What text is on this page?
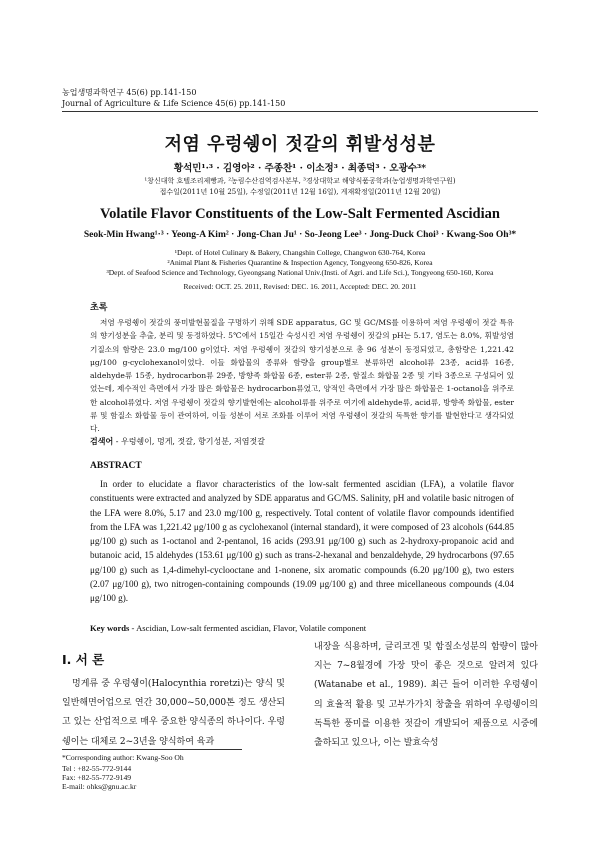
농업생명과학연구 45(6) pp.141-150
Journal of Agriculture & Life Science 45(6) pp.141-150
저염 우렁쉥이 젓갈의 휘발성성분
황석민¹·³ · 김영아² · 주종찬¹ · 이소정³ · 최종덕³ · 오광수³*
¹창신대학 호텔조리제빵과, ²농림수산검역검사본부, ³경상대학교 해양식품공학과(농업생명과학연구원)
접수일(2011년 10월 25일), 수정일(2011년 12월 16일), 게재확정일(2011년 12월 20일)
Volatile Flavor Constituents of the Low-Salt Fermented Ascidian
Seok-Min Hwang¹·³ · Yeong-A Kim² · Jong-Chan Ju¹ · So-Jeong Lee³ · Jong-Duck Choi³ · Kwang-Soo Oh³*
¹Dept. of Hotel Culinary & Bakery, Changshin College, Changwon 630-764, Korea
²Animal Plant & Fisheries Quarantine & Inspection Agency, Tongyeong 650-826, Korea
³Dept. of Seafood Science and Technology, Gyeongsang National Univ.(Insti. of Agri. and Life Sci.), Tongyeong 650-160, Korea
Received: OCT. 25. 2011, Revised: DEC. 16. 2011, Accepted: DEC. 20. 2011
초록
저염 우렁쉥이 젓갈의 풍미발현물질을 구명하기 위해 SDE apparatus, GC 및 GC/MS를 이용하여 저염 우렁쉥이 젓갈 특유의 향기성분을 추출, 분리 및 동정하였다. 5℃에서 15일간 숙성시킨 저염 우렁쉥이 젓갈의 pH는 5.17, 염도는 8.0%, 휘발성염기질소의 함량은 23.0 mg/100 g이었다. 저염 우렁쉥이 젓갈의 향기성분으로 총 96 성분이 동정되었고, 총함량은 1,221.42 μg/100 g-cyclohexanol이었다. 이들 화합물의 종류와 함량을 group별로 분류하면 alcohol류 23종, acid류 16종, aldehyde류 15종, hydrocarbon류 29종, 방향족 화합물 6종, ester류 2종, 함질소 화합물 2종 및 기타 3종으로 구성되어 있었는데, 제수적인 측면에서 가장 많은 화합물은 hydrocarbon류였고, 양적인 측면에서 가장 많은 화합물은 1-octanol을 위주로 한 alcohol류였다. 저염 우렁쉥이 젓갈의 향기발현에는 alcohol류를 위주로 여기에 aldehyde류, acid류, 방향족 화합물, ester류 및 함질소 화합물 등이 관여하여, 이들 성분이 서로 조화를 이루어 저염 우렁쉥이 젓갈의 독특한 향기를 발현한다고 생각되었다.
검색어 - 우렁쉥이, 멍게, 젓갈, 향기성분, 저염젓갈
ABSTRACT
In order to elucidate a flavor characteristics of the low-salt fermented ascidian (LFA), a volatile flavor constituents were extracted and analyzed by SDE apparatus and GC/MS. Salinity, pH and volatile basic nitrogen of the LFA were 8.0%, 5.17 and 23.0 mg/100 g, respectively. Total content of volatile flavor compounds identified from the LFA was 1,221.42 μg/100 g as cyclohexanol (internal standard), it were composed of 23 alcohols (644.85 μg/100 g) such as 1-octanol and 2-pentanol, 16 acids (293.91 μg/100 g) such as 2-hydroxy-propanoic acid and butanoic acid, 15 aldehydes (153.61 μg/100 g) such as trans-2-hexanal and benzaldehyde, 29 hydrocarbons (97.65 μg/100 g) such as 1,4-dimehyl-cyclooctane and 1-nonene, six aromatic compounds (6.20 μg/100 g), two esters (2.07 μg/100 g), two nitrogen-containing compounds (19.09 μg/100 g) and three micellaneous compounds (4.04 μg/100 g).
Key words - Ascidian, Low-salt fermented ascidian, Flavor, Volatile component
Ⅰ. 서 론
멍게류 중 우렁쉥이(Halocynthia roretzi)는 양식 및 일반해면어업으로 연간 30,000~50,000톤 정도 생산되고 있는 산업적으로 매우 중요한 양식종의 하나이다. 우렁쉥이는 대체로 2~3년을 양식하여 육과
내장을 식용하며, 글리코겐 및 함질소성분의 함량이 많아지는 7~8월경에 가장 맛이 좋은 것으로 알려져 있다(Watanabe et al., 1989). 최근 들어 이러한 우렁쉥이의 효율적 활용 및 고부가가치 창출을 위하여 우렁쉥이의 독특한 풍미를 이용한 젓갈이 개발되어 제품으로 시중에 출하되고 있으나, 이는 발효숙성
*Corresponding author: Kwang-Soo Oh
Tel : +82-55-772-9144
Fax: +82-55-772-9149
E-mail: ohks@gnu.ac.kr
